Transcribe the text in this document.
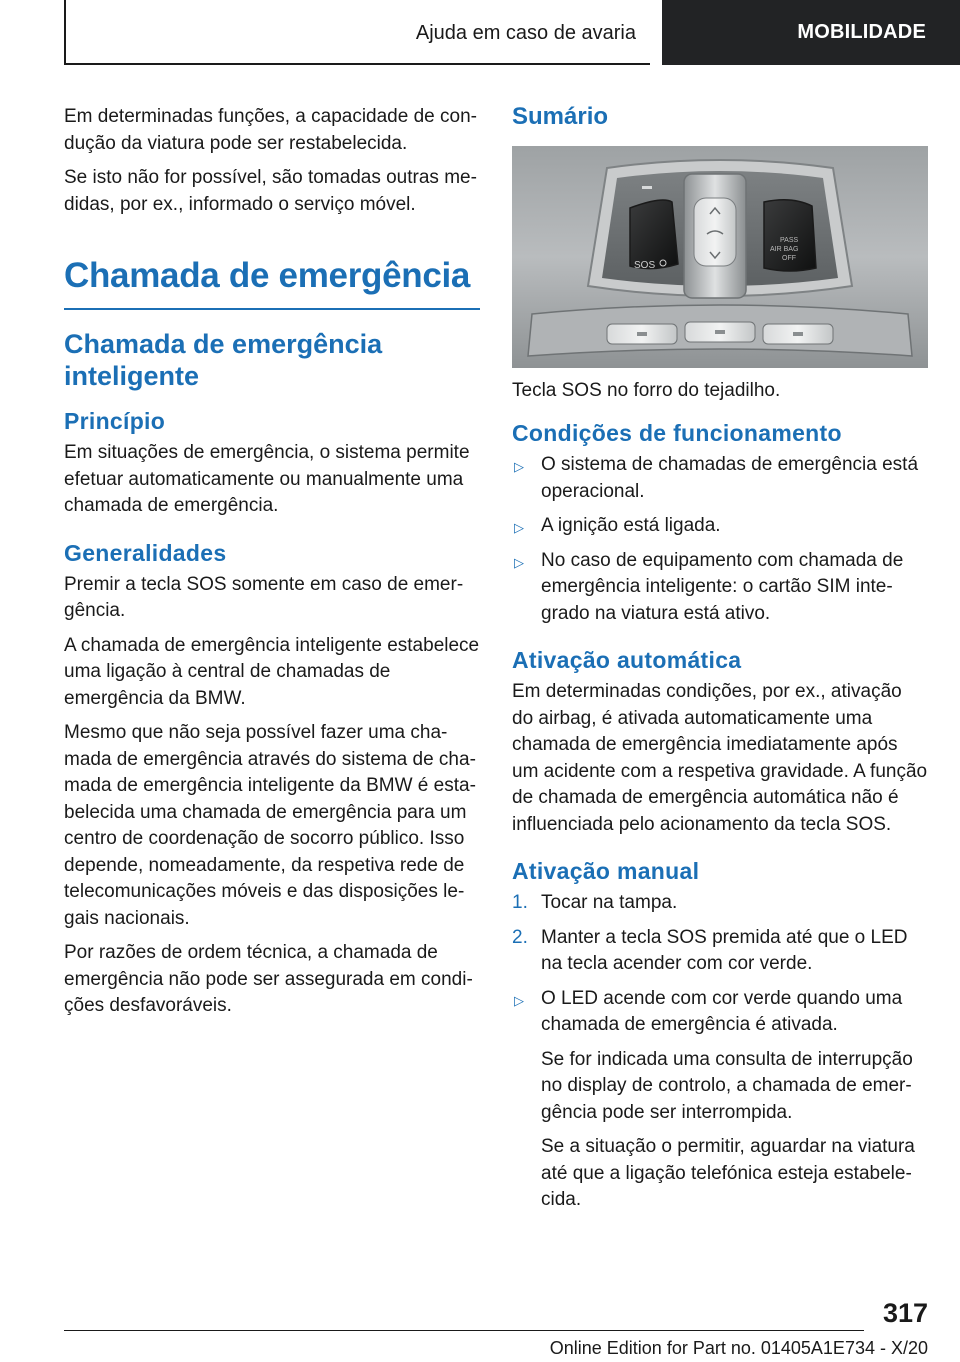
Ajuda em caso de avaria	MOBILIDADE

Em determinadas funções, a capacidade de condução da viatura pode ser restabelecida.

Se isto não for possível, são tomadas outras medidas, por ex., informado o serviço móvel.

Chamada de emergência
Chamada de emergência inteligente
Princípio

Em situações de emergência, o sistema permite efetuar automaticamente ou manualmente uma chamada de emergência.

Generalidades

Premir a tecla SOS somente em caso de emergência.

A chamada de emergência inteligente estabelece uma ligação à central de chamadas de emergência da BMW.

Mesmo que não seja possível fazer uma chamada de emergência através do sistema de chamada de emergência inteligente da BMW é estabelecida uma chamada de emergência para um centro de coordenação de socorro público. Isso depende, nomeadamente, da respetiva rede de telecomunicações móveis e das disposições legais nacionais.

Por razões de ordem técnica, a chamada de emergência não pode ser assegurada em condições desfavoráveis.

Sumário
SOS
PASS
AIR BAG
OFF
Tecla SOS no forro do tejadilho.
Condições de funcionamento
▷ O sistema de chamadas de emergência está operacional.
▷ A ignição está ligada.
▷ No caso de equipamento com chamada de emergência inteligente: o cartão SIM integrado na viatura está ativo.
Ativação automática

Em determinadas condições, por ex., ativação do airbag, é ativada automaticamente uma chamada de emergência imediatamente após um acidente com a respetiva gravidade. A função de chamada de emergência automática não é influenciada pelo acionamento da tecla SOS.

Ativação manual
1. Tocar na tampa.
2. Manter a tecla SOS premida até que o LED na tecla acender com cor verde.
▷ O LED acende com cor verde quando uma chamada de emergência é ativada.

Se for indicada uma consulta de interrupção no display de controlo, a chamada de emergência pode ser interrompida.

Se a situação o permitir, aguardar na viatura até que a ligação telefónica esteja estabelecida.

317
Online Edition for Part no. 01405A1E734 - X/20
